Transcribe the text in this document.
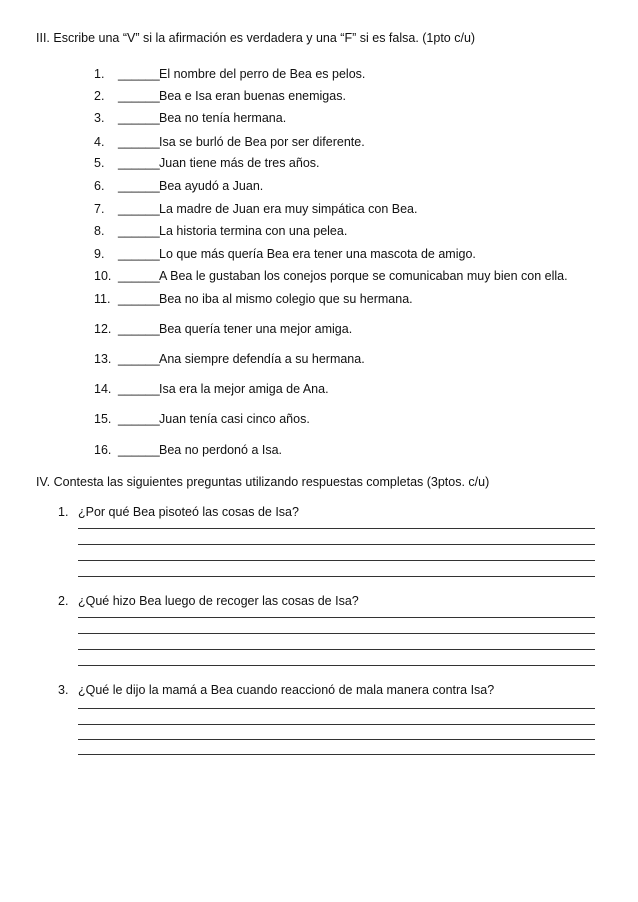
III. Escribe una “V” si la afirmación es verdadera y una “F” si es falsa. (1pto c/u)
1. ______El nombre del perro de Bea es pelos.
2. ______Bea e Isa eran buenas enemigas.
3. ______Bea no tenía hermana.
4. ______Isa se burló de Bea por ser diferente.
5. ______Juan tiene más de tres años.
6. ______Bea ayudó a Juan.
7. ______La madre de Juan era muy simpática con Bea.
8. ______La historia termina con una pelea.
9. ______Lo que más quería Bea era tener una mascota de amigo.
10. ______A Bea le gustaban los conejos porque se comunicaban muy bien con ella.
11. ______Bea no iba al mismo colegio que su hermana.
12. ______Bea quería tener una mejor amiga.
13. ______Ana siempre defendía a su hermana.
14. ______Isa era la mejor amiga de Ana.
15. ______Juan tenía casi cinco años.
16. ______Bea no perdonó a Isa.
IV. Contesta las siguientes preguntas utilizando respuestas completas (3ptos. c/u)
1. ¿Por qué Bea pisoteó las cosas de Isa?
2. ¿Qué hizo Bea luego de recoger las cosas de Isa?
3. ¿Qué le dijo la mamá a Bea cuando reaccionó de mala manera contra Isa?
